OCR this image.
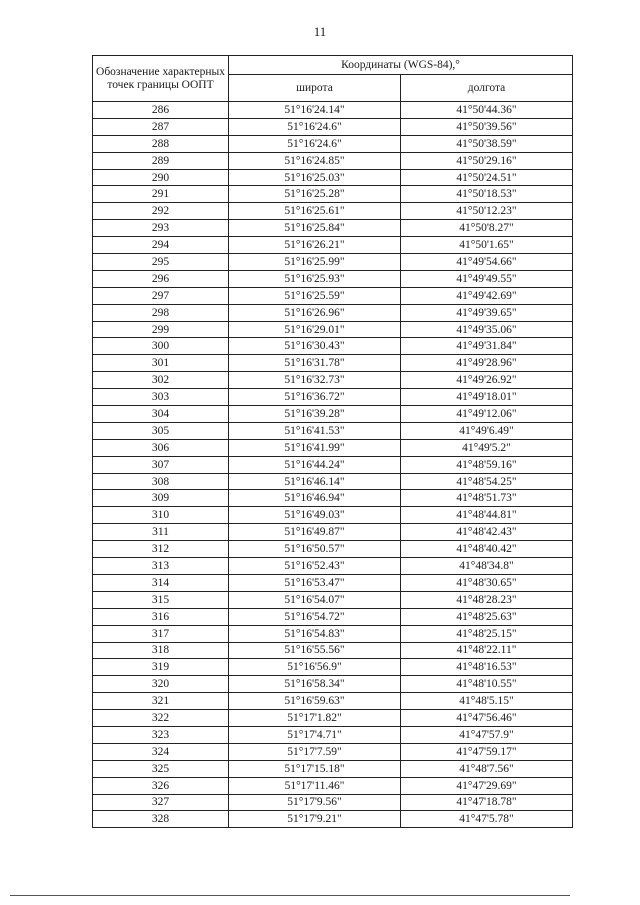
11
Обозначение характерных точек границы ООПТ	Координаты (WGS-84),°	
	широта	долгота
286	51°16'24.14"	41°50'44.36"
287	51°16'24.6"	41°50'39.56"
288	51°16'24.6"	41°50'38.59"
289	51°16'24.85"	41°50'29.16"
290	51°16'25.03"	41°50'24.51"
291	51°16'25.28"	41°50'18.53"
292	51°16'25.61"	41°50'12.23"
293	51°16'25.84"	41°50'8.27"
294	51°16'26.21"	41°50'1.65"
295	51°16'25.99"	41°49'54.66"
296	51°16'25.93"	41°49'49.55"
297	51°16'25.59"	41°49'42.69"
298	51°16'26.96"	41°49'39.65"
299	51°16'29.01"	41°49'35.06"
300	51°16'30.43"	41°49'31.84"
301	51°16'31.78"	41°49'28.96"
302	51°16'32.73"	41°49'26.92"
303	51°16'36.72"	41°49'18.01"
304	51°16'39.28"	41°49'12.06"
305	51°16'41.53"	41°49'6.49"
306	51°16'41.99"	41°49'5.2"
307	51°16'44.24"	41°48'59.16"
308	51°16'46.14"	41°48'54.25"
309	51°16'46.94"	41°48'51.73"
310	51°16'49.03"	41°48'44.81"
311	51°16'49.87"	41°48'42.43"
312	51°16'50.57"	41°48'40.42"
313	51°16'52.43"	41°48'34.8"
314	51°16'53.47"	41°48'30.65"
315	51°16'54.07"	41°48'28.23"
316	51°16'54.72"	41°48'25.63"
317	51°16'54.83"	41°48'25.15"
318	51°16'55.56"	41°48'22.11"
319	51°16'56.9"	41°48'16.53"
320	51°16'58.34"	41°48'10.55"
321	51°16'59.63"	41°48'5.15"
322	51°17'1.82"	41°47'56.46"
323	51°17'4.71"	41°47'57.9"
324	51°17'7.59"	41°47'59.17"
325	51°17'15.18"	41°48'7.56"
326	51°17'11.46"	41°47'29.69"
327	51°17'9.56"	41°47'18.78"
328	51°17'9.21"	41°47'5.78"
